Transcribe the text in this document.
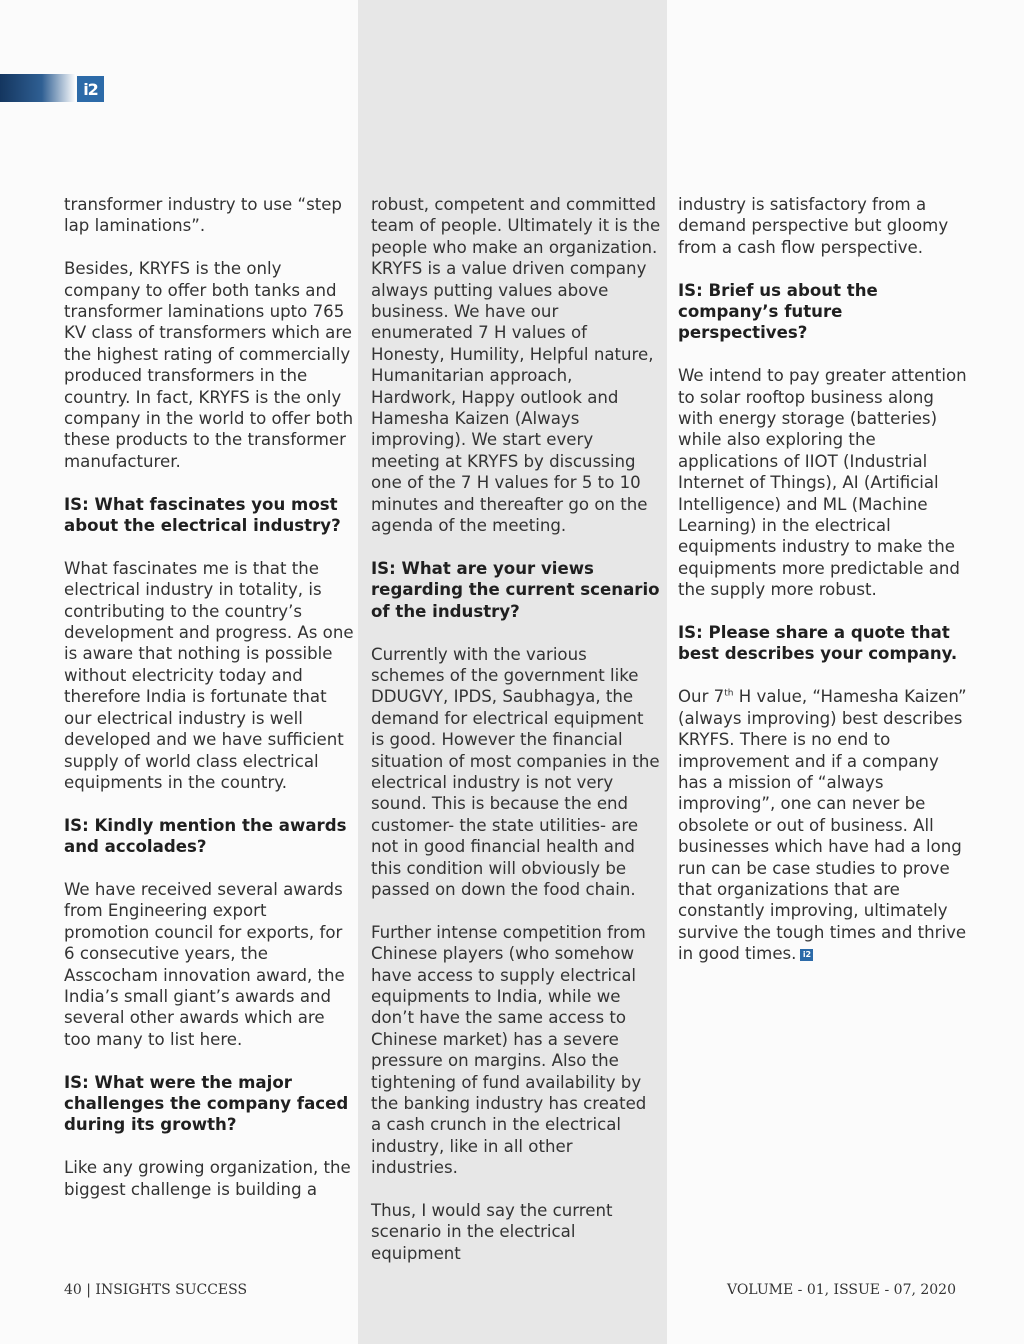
i2

transformer industry to use “step lap laminations”.

Besides, KRYFS is the only company to offer both tanks and transformer laminations upto 765 KV class of transformers which are the highest rating of commercially produced transformers in the country. In fact, KRYFS is the only company in the world to offer both these products to the transformer manufacturer.

IS: What fascinates you most about the electrical industry?

What fascinates me is that the electrical industry in totality, is contributing to the country’s development and progress. As one is aware that nothing is possible without electricity today and therefore India is fortunate that our electrical industry is well developed and we have sufficient supply of world class electrical equipments in the country.

IS: Kindly mention the awards and accolades?

We have received several awards from Engineering export promotion council for exports, for 6 consecutive years, the Asscocham innovation award, the India’s small giant’s awards and several other awards which are too many to list here.

IS: What were the major challenges the company faced during its growth?

Like any growing organization, the biggest challenge is building a

robust, competent and committed team of people. Ultimately it is the people who make an organization. KRYFS is a value driven company always putting values above business. We have our enumerated 7 H values of Honesty, Humility, Helpful nature, Humanitarian approach, Hardwork, Happy outlook and Hamesha Kaizen (Always improving). We start every meeting at KRYFS by discussing one of the 7 H values for 5 to 10 minutes and thereafter go on the agenda of the meeting.

IS: What are your views regarding the current scenario of the industry?

Currently with the various schemes of the government like DDUGVY, IPDS, Saubhagya, the demand for electrical equipment is good. However the financial situation of most companies in the electrical industry is not very sound. This is because the end customer- the state utilities- are not in good financial health and this condition will obviously be passed on down the food chain.

Further intense competition from Chinese players (who somehow have access to supply electrical equipments to India, while we don’t have the same access to Chinese market) has a severe pressure on margins. Also the tightening of fund availability by the banking industry has created a cash crunch in the electrical industry, like in all other industries.

Thus, I would say the current scenario in the electrical equipment

industry is satisfactory from a demand perspective but gloomy from a cash flow perspective.

IS: Brief us about the company’s future perspectives?

We intend to pay greater attention to solar rooftop business along with energy storage (batteries) while also exploring the applications of IIOT (Industrial Internet of Things), AI (Artificial Intelligence) and ML (Machine Learning) in the electrical equipments industry to make the equipments more predictable and the supply more robust.

IS: Please share a quote that best describes your company.

Our 7th H value, “Hamesha Kaizen” (always improving) best describes KRYFS. There is no end to improvement and if a company has a mission of “always improving”, one can never be obsolete or out of business. All businesses which have had a long run can be case studies to prove that organizations that are constantly improving, ultimately survive the tough times and thrive in good times. i2

40 | INSIGHTS SUCCESS	VOLUME - 01, ISSUE - 07, 2020
